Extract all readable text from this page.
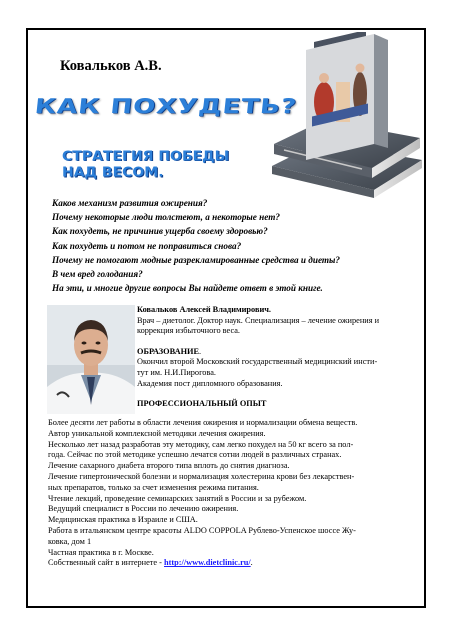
Ковальков А.В.
КАК ПОХУДЕТЬ?
СТРАТЕГИЯ ПОБЕДЫ
НАД ВЕСОМ.
Каков механизм развития ожирения?
Почему некоторые люди толстеют, а некоторые нет?
Как похудеть, не причинив ущерба своему здоровью?
Как похудеть и потом не поправиться снова?
Почему не помогают модные разрекламированные средства и диеты?
В чем вред голодания?
На эти, и многие другие вопросы Вы найдете ответ в этой книге.
Ковальков Алексей Владимирович.
Врач – диетолог. Доктор наук. Специализация – лечение ожирения и
коррекция избыточного веса.
ОБРАЗОВАНИЕ.
Окончил второй Московский государственный медицинский инсти-
тут им. Н.И.Пирогова.
Академия пост дипломного образования.
ПРОФЕССИОНАЛЬНЫЙ ОПЫТ
Более десяти лет работы в области лечения ожирения и нормализации обмена веществ.
Автор уникальной комплексной методики лечения ожирения.
Несколько лет назад разработав эту методику, сам легко похудел на 50 кг всего за пол-
года. Сейчас по этой методике успешно лечатся сотни людей в различных странах.
Лечение сахарного диабета второго типа вплоть до снятия диагноза.
Лечение гипертонической болезни и нормализация холестерина крови без лекарствен-
ных препаратов, только за счет изменения режима питания.
Чтение лекций, проведение семинарских занятий в России и за рубежом.
Ведущий специалист в России по лечению ожирения.
Медицинская практика в Израиле и США.
Работа в итальянском центре красоты ALDO COPPOLA Рублево-Успенское шоссе Жу-
ковка, дом 1
Частная практика в г. Москве.
Собственный сайт в интернете - http://www.dietclinic.ru/.
